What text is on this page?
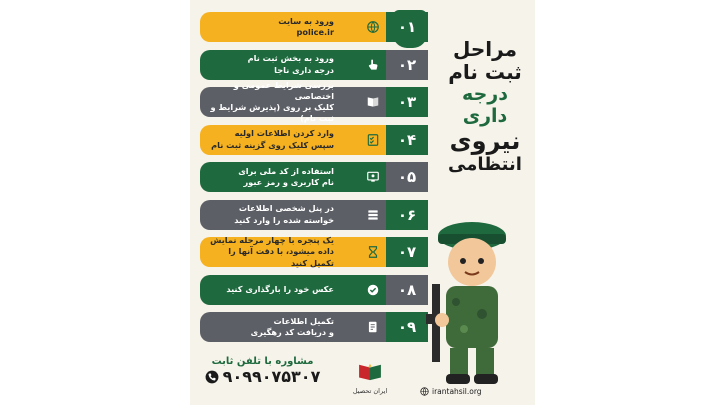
ورود به سایت
police.ir	۰۱
ورود به بخش ثبت نام
درجه داری ناجا	۰۲
بررسی شرایط عمومی و اختصاصی
کلیک بر روی (پذیرش شرایط و ثبت نام)
۰۳
وارد کردن اطلاعات اولیه
سپس کلیک روی گزینه ثبت نام	۰۴
استفاده از کد ملی برای
نام کاربری و رمز عبور	۰۵
در پنل شخصی اطلاعات
خواسته شده را وارد کنید	۰۶
یک پنجره با چهار مرحله نمایش
داده میشود، با دقت آنها را تکمیل کنید
۰۷
عکس خود را بارگذاری کنید	۰۸
تکمیل اطلاعات
و دریافت کد رهگیری	۰۹
مراحل
ثبت نام
درجه داری
نیروی
انتظامی
مشاوره با تلفن ثابت
۹۰۹۹۰۷۵۳۰۷
ایران تحصیل	irantahsil.org
